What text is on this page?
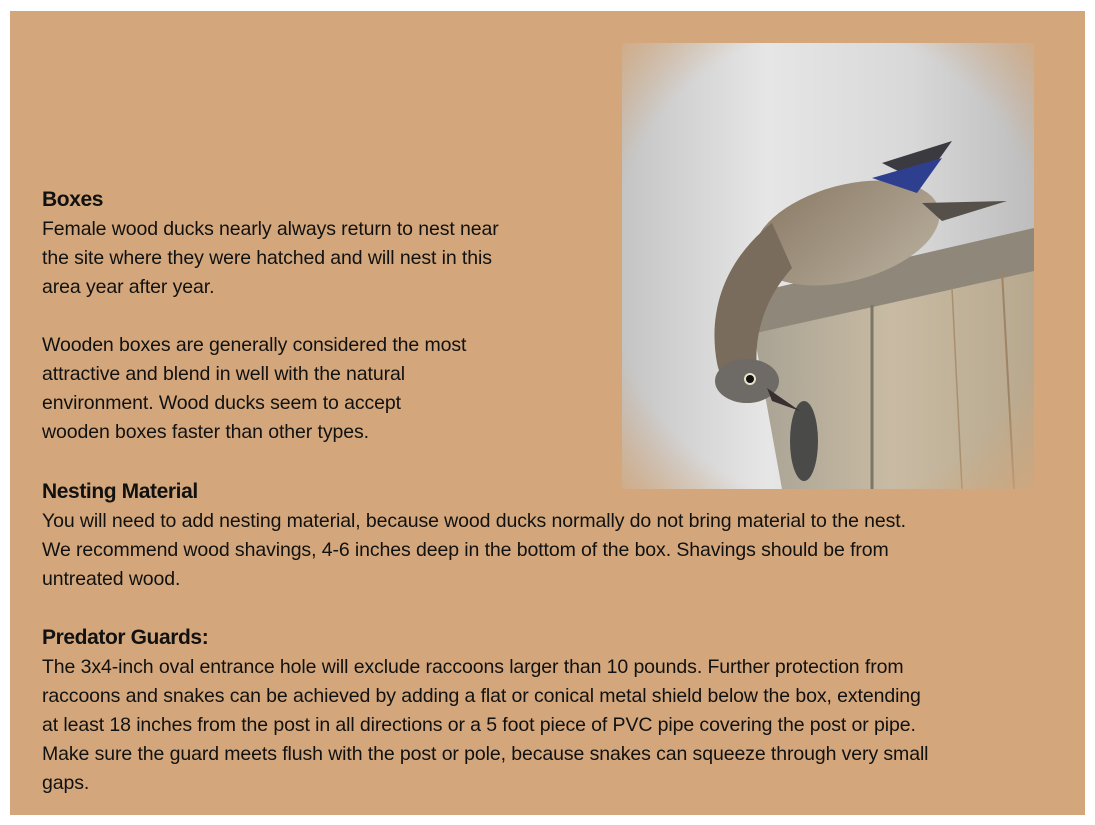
Boxes
Female wood ducks nearly always return to nest near
the site where they were hatched and will nest in this
area year after year.
Wooden boxes are generally considered the most
attractive and blend in well with the natural
environment. Wood ducks seem to accept
wooden boxes faster than other types.
Nesting Material
You will need to add nesting material, because wood ducks normally do not bring material to the nest.
We recommend wood shavings, 4-6 inches deep in the bottom of the box. Shavings should be from
untreated wood.
Predator Guards:
The 3x4-inch oval entrance hole will exclude raccoons larger than 10 pounds. Further protection from
raccoons and snakes can be achieved by adding a flat or conical metal shield below the box, extending
at least 18 inches from the post in all directions or a 5 foot piece of PVC pipe covering the post or pipe.
Make sure the guard meets flush with the post or pole, because snakes can squeeze through very small
gaps.
